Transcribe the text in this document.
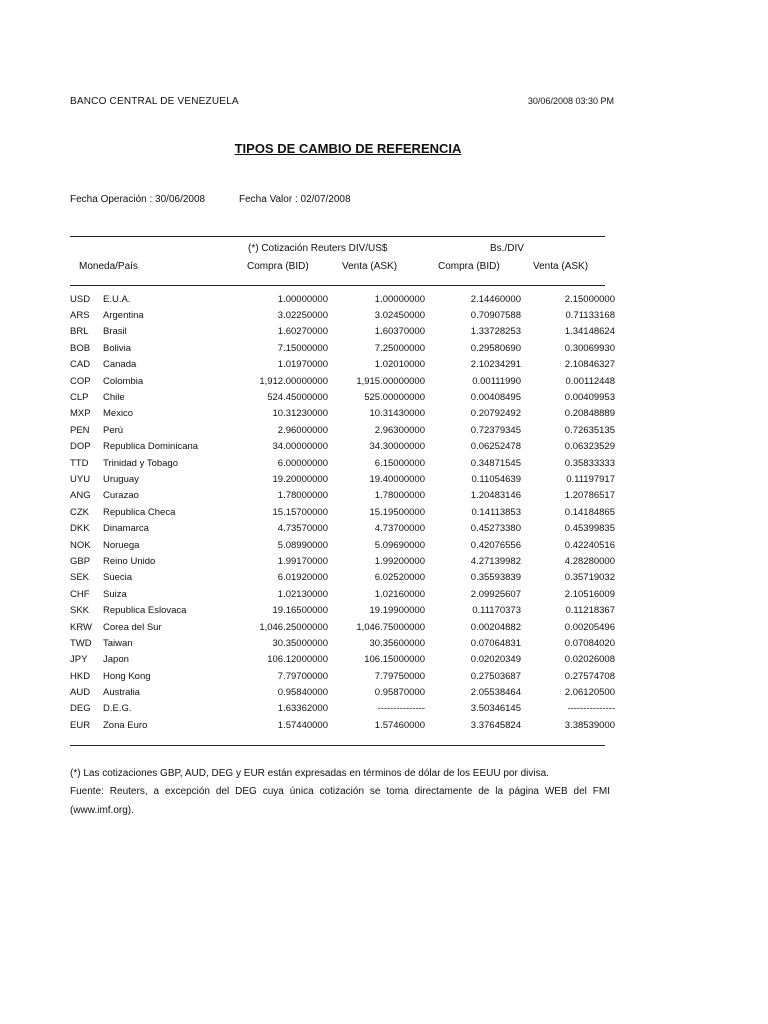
BANCO CENTRAL DE VENEZUELA	30/06/2008 03:30 PM
TIPOS DE CAMBIO DE REFERENCIA
Fecha Operación : 30/06/2008	Fecha Valor : 02/07/2008
(*) Cotización Reuters DIV/US$	Bs./DIV
Moneda/País	Compra (BID)	Venta (ASK)	Compra (BID)	Venta (ASK)
USD	E.U.A.	1.00000000	1.00000000	2.14460000	2.15000000
ARS	Argentina	3.02250000	3.02450000	0.70907588	0.71133168
BRL	Brasil	1.60270000	1.60370000	1.33728253	1.34148624
BOB	Bolivia	7.15000000	7.25000000	0.29580690	0.30069930
CAD	Canada	1.01970000	1.02010000	2.10234291	2.10846327
COP	Colombia	1,912.00000000	1,915.00000000	0.00111990	0.00112448
CLP	Chile	524.45000000	525.00000000	0.00408495	0.00409953
MXP	Mexico	10.31230000	10.31430000	0.20792492	0.20848889
PEN	Perú	2.96000000	2.96300000	0.72379345	0.72635135
DOP	Republica Dominicana	34.00000000	34.30000000	0.06252478	0.06323529
TTD	Trinidad y Tobago	6.00000000	6.15000000	0.34871545	0.35833333
UYU	Uruguay	19.20000000	19.40000000	0.11054639	0.11197917
ANG	Curazao	1.78000000	1.78000000	1.20483146	1.20786517
CZK	Republica Checa	15.15700000	15.19500000	0.14113853	0.14184865
DKK	Dinamarca	4.73570000	4.73700000	0.45273380	0.45399835
NOK	Noruega	5.08990000	5.09690000	0.42076556	0.42240516
GBP	Reino Unido	1.99170000	1.99200000	4.27139982	4.28280000
SEK	Suecia	6.01920000	6.02520000	0.35593839	0.35719032
CHF	Suiza	1.02130000	1.02160000	2.09925607	2.10516009
SKK	Republica Eslovaca	19.16500000	19.19900000	0.11170373	0.11218367
KRW	Corea del Sur	1,046.25000000	1,046.75000000	0.00204882	0.00205496
TWD	Taiwan	30.35000000	30.35600000	0.07064831	0.07084020
JPY	Japon	106.12000000	106.15000000	0.02020349	0.02026008
HKD	Hong Kong	7.79700000	7.79750000	0.27503687	0.27574708
AUD	Australia	0.95840000	0.95870000	2.05538464	2.06120500
DEG	D.E.G.	1.63362000	---------------	3.50346145	---------------
EUR	Zona Euro	1.57440000	1.57460000	3.37645824	3.38539000
(*) Las cotizaciones GBP, AUD, DEG y EUR están expresadas en términos de dólar de los EEUU por divisa.
Fuente: Reuters, a excepción del DEG cuya única cotización se toma directamente de la página WEB del FMI (www.imf.org).
